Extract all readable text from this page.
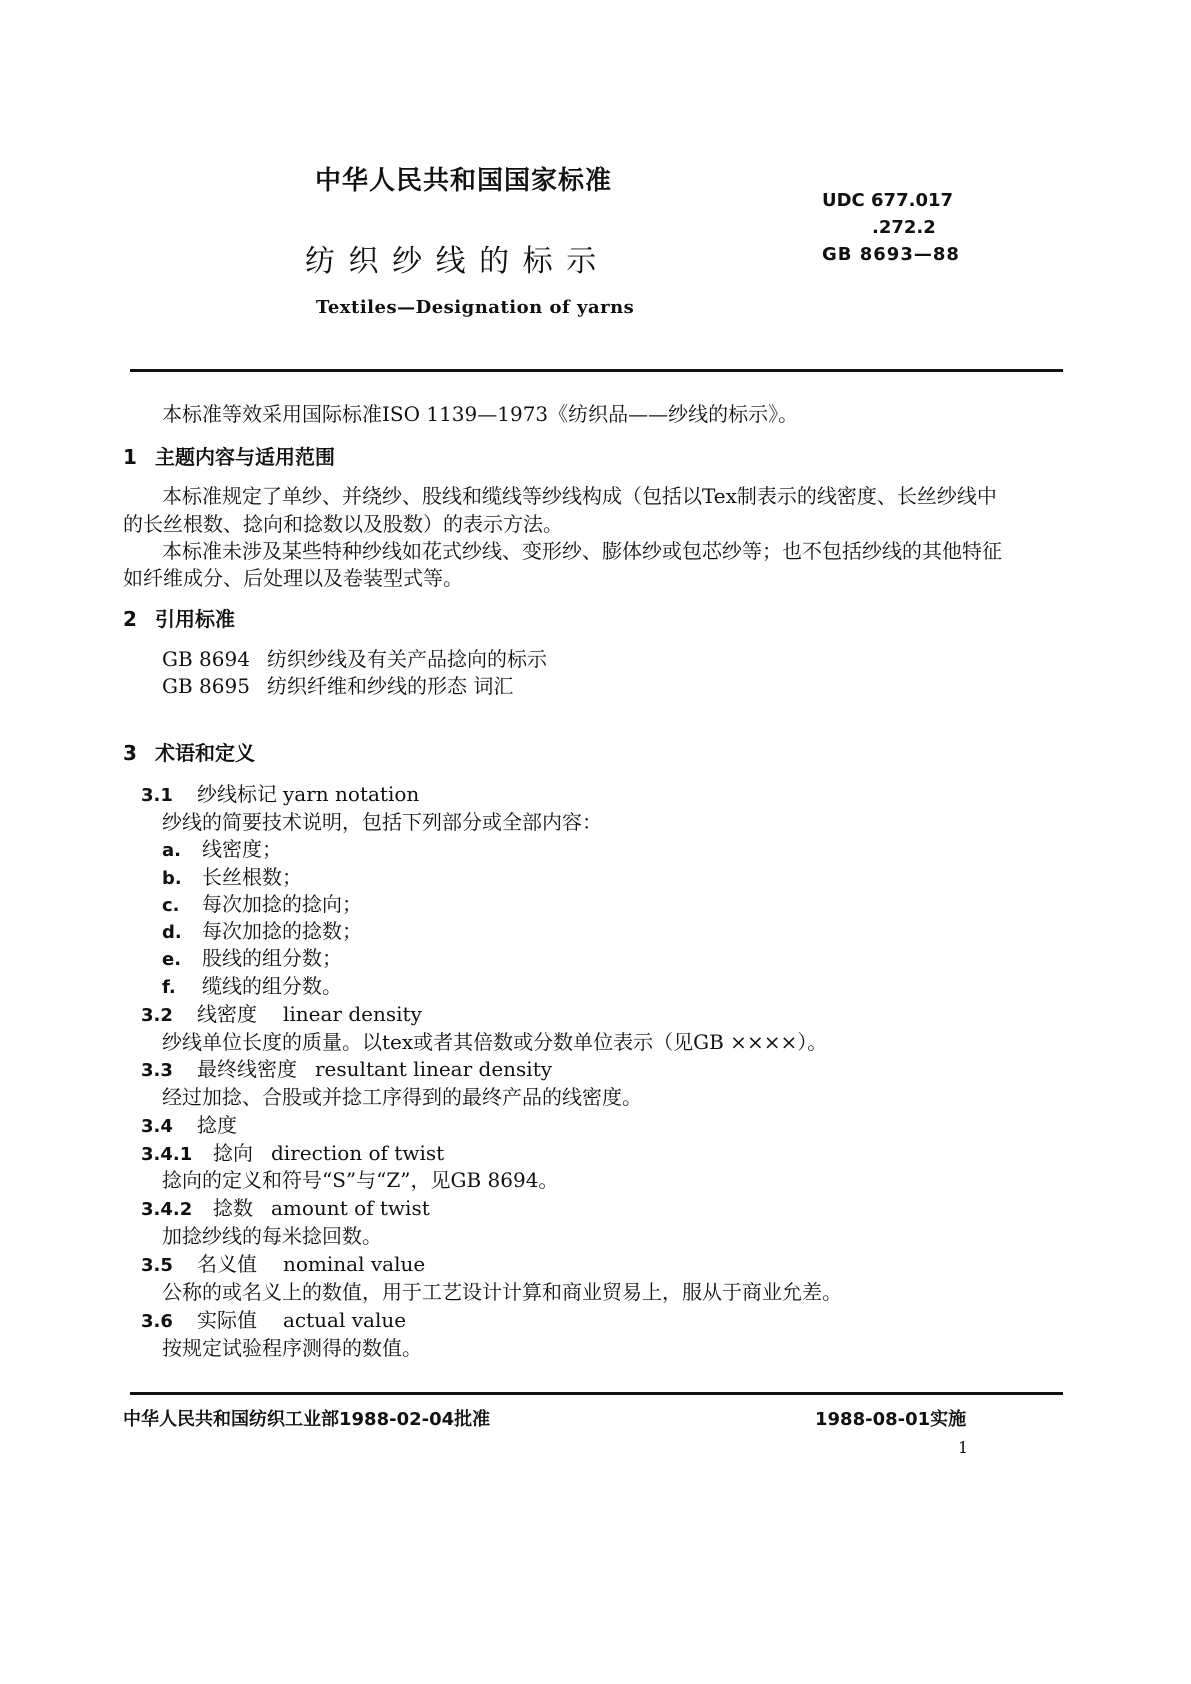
中华人民共和国国家标准
UDC 677.017
.272.2
纺 织 纱 线 的 标 示	GB 8693—88
Textiles—Designation of yarns
本标准等效采用国际标准ISO 1139—1973《纺织品——纱线的标示》。
1 主题内容与适用范围
本标准规定了单纱、并绕纱、股线和缆线等纱线构成（包括以Tex制表示的线密度、长丝纱线中
的长丝根数、捻向和捻数以及股数）的表示方法。
本标准未涉及某些特种纱线如花式纱线、变形纱、膨体纱或包芯纱等；也不包括纱线的其他特征
如纤维成分、后处理以及卷装型式等。
2 引用标准
GB 8694 纺织纱线及有关产品捻向的标示
GB 8695 纺织纤维和纱线的形态 词汇
3 术语和定义
3.1 纱线标记 yarn notation
纱线的简要技术说明，包括下列部分或全部内容：
a. 线密度；
b. 长丝根数；
c. 每次加捻的捻向；
d. 每次加捻的捻数；
e. 股线的组分数；
f. 缆线的组分数。
3.2 线密度 linear density
纱线单位长度的质量。以tex或者其倍数或分数单位表示（见GB ××××）。
3.3 最终线密度 resultant linear density
经过加捻、合股或并捻工序得到的最终产品的线密度。
3.4 捻度
3.4.1 捻向 direction of twist
捻向的定义和符号“S”与“Z”，见GB 8694。
3.4.2 捻数 amount of twist
加捻纱线的每米捻回数。
3.5 名义值 nominal value
公称的或名义上的数值，用于工艺设计计算和商业贸易上，服从于商业允差。
3.6 实际值 actual value
按规定试验程序测得的数值。
中华人民共和国纺织工业部1988-02-04批准	1988-08-01实施
1
